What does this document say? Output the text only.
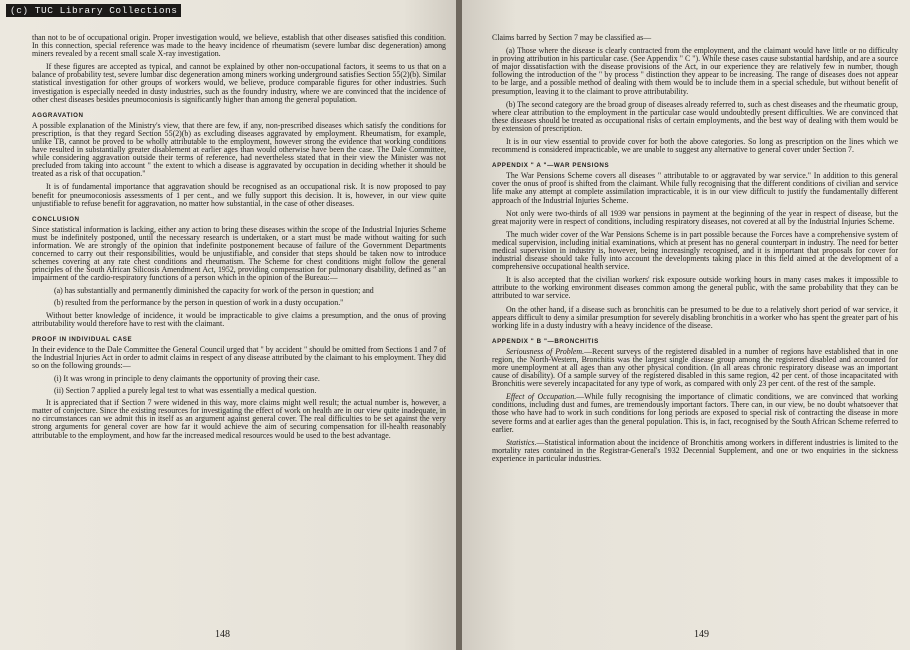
(c) TUC Library Collections

than not to be of occupational origin. Proper investigation would, we believe, establish that other diseases satisfied this condition. In this connection, special reference was made to the heavy incidence of rheumatism (severe lumbar disc degeneration) among miners revealed by a recent small scale X-ray investigation.

If these figures are accepted as typical, and cannot be explained by other non-occupational factors, it seems to us that on a balance of probability test, severe lumbar disc degeneration among miners working underground satisfies Section 55(2)(b). Similar statistical investigation for other groups of workers would, we believe, produce comparable figures for other industries. Such investigation is especially needed in dusty industries, such as the foundry industry, where we are convinced that the incidence of other chest diseases besides pneumoconiosis is significantly higher than among the general population.

AGGRAVATION

A possible explanation of the Ministry's view, that there are few, if any, non-prescribed diseases which satisfy the conditions for prescription, is that they regard Section 55(2)(b) as excluding diseases aggravated by employment. Rheumatism, for example, unlike TB, cannot be proved to be wholly attributable to the employment, however strong the evidence that working conditions have resulted in substantially greater disablement at earlier ages than would otherwise have been the case. The Dale Committee, while considering aggravation outside their terms of reference, had nevertheless stated that in their view the Minister was not precluded from taking into account " the extent to which a disease is aggravated by occupation in deciding whether it should be treated as a risk of that occupation."

It is of fundamental importance that aggravation should be recognised as an occupational risk. It is now proposed to pay benefit for pneumoconiosis assessments of 1 per cent., and we fully support this decision. It is, however, in our view quite unjustifiable to refuse benefit for aggravation, no matter how substantial, in the case of other diseases.

CONCLUSION

Since statistical information is lacking, either any action to bring these diseases within the scope of the Industrial Injuries Scheme must be indefinitely postponed, until the necessary research is undertaken, or a start must be made without waiting for such information. We are strongly of the opinion that indefinite postponement because of failure of the Government Departments concerned to carry out their responsibilities, would be unjustifiable, and consider that steps should be taken now to introduce schemes covering at any rate chest conditions and rheumatism. The Scheme for chest conditions might follow the general principles of the South African Silicosis Amendment Act, 1952, providing compensation for pulmonary disability, defined as " an impairment of the cardio-respiratory functions of a person which in the opinion of the Bureau:—

(a) has substantially and permanently diminished the capacity for work of the person in question; and
(b) resulted from the performance by the person in question of work in a dusty occupation."

Without better knowledge of incidence, it would be impracticable to give claims a presumption, and the onus of proving attributability would therefore have to rest with the claimant.

PROOF IN INDIVIDUAL CASE

In their evidence to the Dale Committee the General Council urged that " by accident " should be omitted from Sections 1 and 7 of the Industrial Injuries Act in order to admit claims in respect of any disease attributed by the claimant to his employment. They did so on the following grounds:—

(i) It was wrong in principle to deny claimants the opportunity of proving their case.
(ii) Section 7 applied a purely legal test to what was essentially a medical question.

It is appreciated that if Section 7 were widened in this way, more claims might well result; the actual number is, however, a matter of conjecture. Since the existing resources for investigating the effect of work on health are in our view quite inadequate, in no circumstances can we admit this in itself as an argument against general cover. The real difficulties to be set against the very strong arguments for general cover are how far it would achieve the aim of securing compensation for ill-health reasonably attributable to the employment, and how far the increased medical resources would be used to the best advantage.

148

Claims barred by Section 7 may be classified as—

(a) Those where the disease is clearly contracted from the employment, and the claimant would have little or no difficulty in proving attribution in his particular case. (See Appendix " C "). While these cases cause substantial hardship, and are a source of major dissatisfaction with the disease provisions of the Act, in our experience they are relatively few in number, though following the introduction of the " by process " distinction they appear to be increasing. The range of diseases does not appear to be large, and a possible method of dealing with them would be to include them in a special schedule, but without benefit of presumption, leaving it to the claimant to prove attributability.

(b) The second category are the broad group of diseases already referred to, such as chest diseases and the rheumatic group, where clear attribution to the employment in the particular case would undoubtedly present difficulties. We are convinced that these diseases should be treated as occupational risks of certain employments, and the best way of dealing with them would be by extension of prescription.

It is in our view essential to provide cover for both the above categories. So long as prescription on the lines which we recommend is considered impracticable, we are unable to suggest any alternative to general cover under Section 7.

APPENDIX " A "—WAR PENSIONS

The War Pensions Scheme covers all diseases " attributable to or aggravated by war service." In addition to this general cover the onus of proof is shifted from the claimant. While fully recognising that the different conditions of civilian and service life make any attempt at complete assimilation impracticable, it is in our view difficult to justify the fundamentally different approach of the Industrial Injuries Scheme.

Not only were two-thirds of all 1939 war pensions in payment at the beginning of the year in respect of disease, but the great majority were in respect of conditions, including respiratory diseases, not covered at all by the Industrial Injuries Scheme.

The much wider cover of the War Pensions Scheme is in part possible because the Forces have a comprehensive system of medical supervision, including initial examinations, which at present has no general counterpart in industry. The need for better medical supervision in industry is, however, being increasingly recognised, and it is important that proposals for cover for industrial disease should take fully into account the developments taking place in this field aimed at the development of a comprehensive occupational health service.

It is also accepted that the civilian workers' risk exposure outside working hours in many cases makes it impossible to attribute to the working environment diseases common among the general public, with the same probability that they can be attributed to war service.

On the other hand, if a disease such as bronchitis can be presumed to be due to a relatively short period of war service, it appears difficult to deny a similar presumption for severely disabling bronchitis in a worker who has spent the greater part of his working life in a dusty industry with a heavy incidence of the disease.

APPENDIX " B "—BRONCHITIS

Seriousness of Problem.—Recent surveys of the registered disabled in a number of regions have established that in one region, the North-Western, Bronchitis was the largest single disease group among the registered disabled and accounted for more unemployment at all ages than any other physical condition. (In all areas chronic respiratory disease was an important cause of disability). Of a sample survey of the registered disabled in this same region, 42 per cent. of those incapacitated with Bronchitis were severely incapacitated for any type of work, as compared with only 23 per cent. of the rest of the sample.

Effect of Occupation.—While fully recognising the importance of climatic conditions, we are convinced that working conditions, including dust and fumes, are tremendously important factors. There can, in our view, be no doubt whatsoever that those who have had to work in such conditions for long periods are exposed to special risk of contracting the disease in more severe forms and at earlier ages than the general population. This is, in fact, recognised by the South African Scheme referred to earlier.

Statistics.—Statistical information about the incidence of Bronchitis among workers in different industries is limited to the mortality rates contained in the Registrar-General's 1932 Decennial Supplement, and one or two enquiries in the sickness experience in particular industries.

149
